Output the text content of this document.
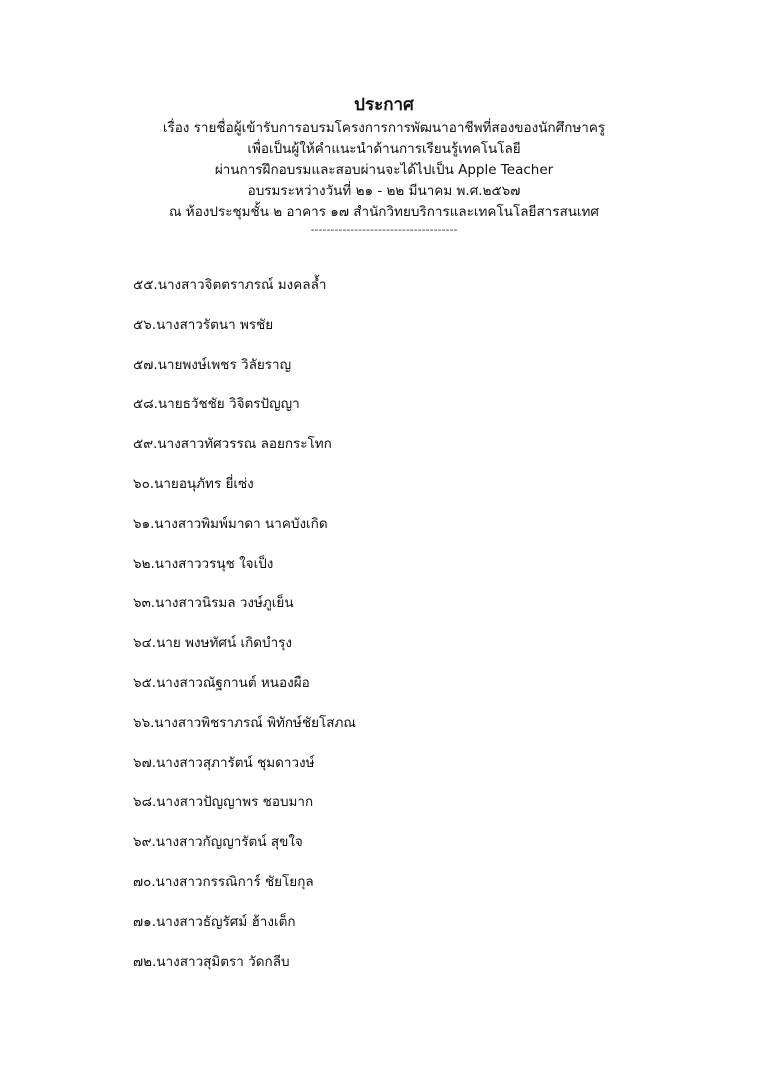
ประกาศ

เรื่อง รายชื่อผู้เข้ารับการอบรมโครงการการพัฒนาอาชีพที่สองของนักศึกษาครู

เพื่อเป็นผู้ให้คำแนะนำด้านการเรียนรู้เทคโนโลยี

ผ่านการฝึกอบรมและสอบผ่านจะได้ไปเป็น Apple Teacher

อบรมระหว่างวันที่ ๒๑ - ๒๒ มีนาคม พ.ศ.๒๕๖๗

ณ ห้องประชุมชั้น ๒ อาคาร ๑๗ สำนักวิทยบริการและเทคโนโลยีสารสนเทศ

-------------------------------------

๕๕.นางสาวจิตตราภรณ์ มงคลล้ำ
๕๖.นางสาวรัตนา พรชัย
๕๗.นายพงษ์เพชร วิลัยราญ
๕๘.นายธวัชชัย วิจิตรปัญญา
๕๙.นางสาวทัศวรรณ ลอยกระโทก
๖๐.นายอนุภัทร ยี่เซ่ง
๖๑.นางสาวพิมพ์มาดา นาคบังเกิด
๖๒.นางสาววรนุช ใจเป็ง
๖๓.นางสาวนิรมล วงษ์ภูเย็น
๖๔.นาย พงษทัศน์ เกิดบำรุง
๖๕.นางสาวณัฐกานต์ หนองผือ
๖๖.นางสาวพิชราภรณ์ พิทักษ์ชัยโสภณ
๖๗.นางสาวสุภารัตน์ ชุมดาวงษ์
๖๘.นางสาวปัญญาพร ชอบมาก
๖๙.นางสาวกัญญารัตน์ สุขใจ
๗๐.นางสาวกรรณิการ์ ชัยโยกุล
๗๑.นางสาวธัญรัศม์ ฮ้างเต็ก
๗๒.นางสาวสุมิตรา วัดกลีบ
